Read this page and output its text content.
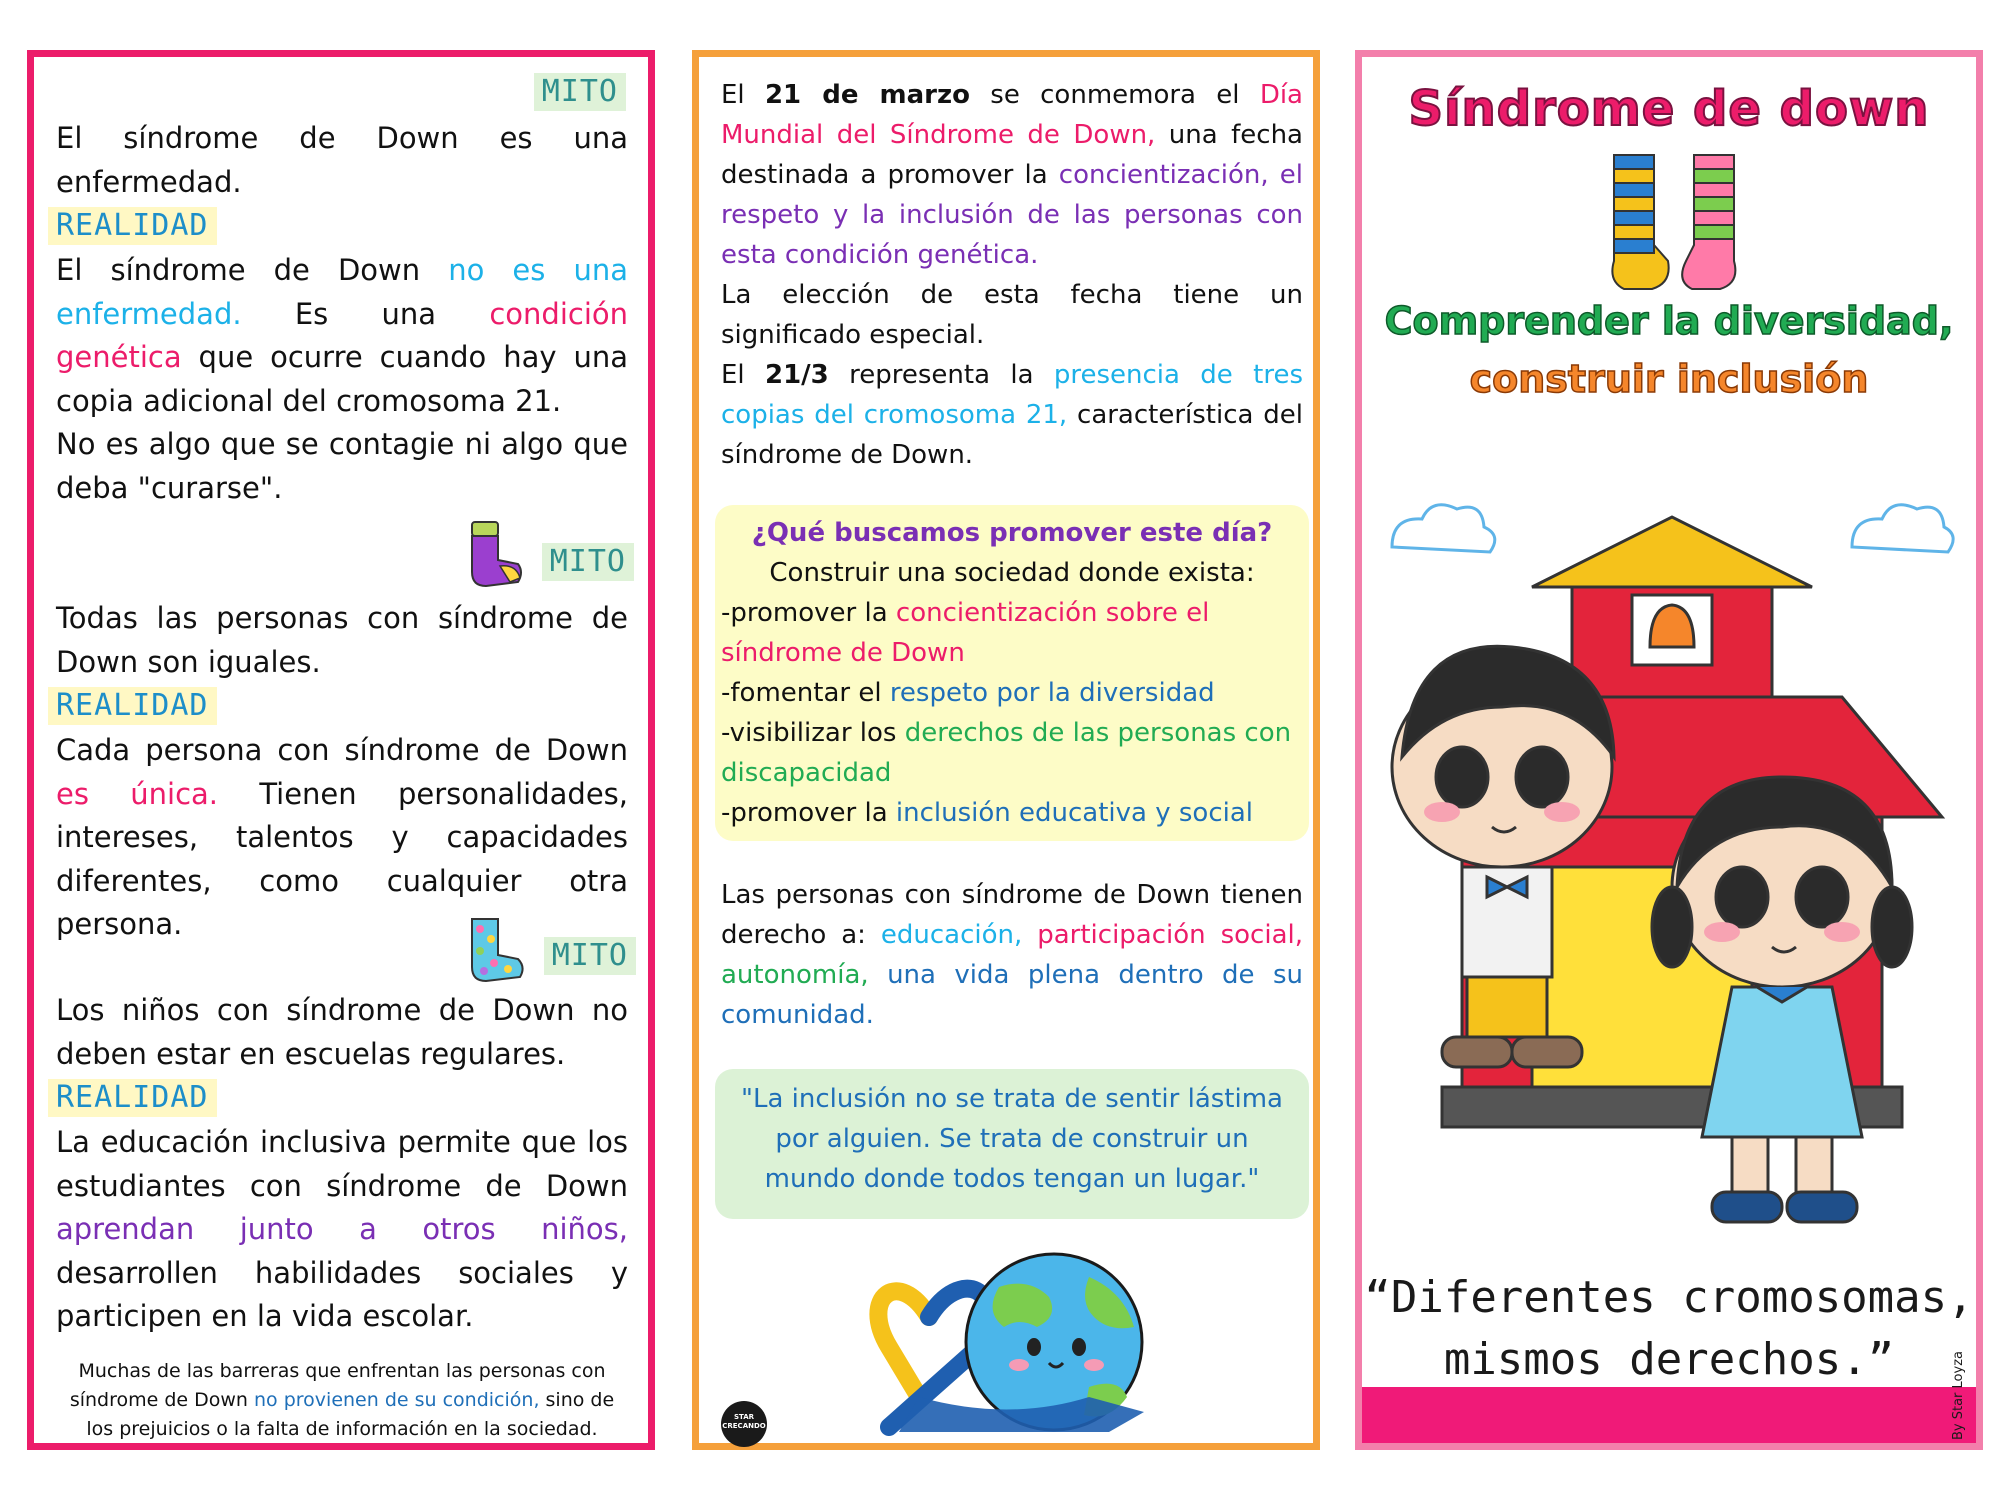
MITO

El síndrome de Down es una enfermedad.

REALIDAD

El síndrome de Down no es una enfermedad. Es una condición genética que ocurre cuando hay una copia adicional del cromosoma 21.

No es algo que se contagie ni algo que deba "curarse".

MITO

Todas las personas con síndrome de Down son iguales.

REALIDAD

Cada persona con síndrome de Down es única. Tienen personalidades, intereses, talentos y capacidades diferentes, como cualquier otra persona.

MITO

Los niños con síndrome de Down no deben estar en escuelas regulares.

REALIDAD

La educación inclusiva permite que los estudiantes con síndrome de Down aprendan junto a otros niños, desarrollen habilidades sociales y participen en la vida escolar.

Muchas de las barreras que enfrentan las personas con síndrome de Down no provienen de su condición, sino de los prejuicios o la falta de información en la sociedad.

El 21 de marzo se conmemora el Día Mundial del Síndrome de Down, una fecha destinada a promover la concientización, el respeto y la inclusión de las personas con esta condición genética.

La elección de esta fecha tiene un significado especial.

El 21/3 representa la presencia de tres copias del cromosoma 21, característica del síndrome de Down.

¿Qué buscamos promover este día?
Construir una sociedad donde exista:
-promover la concientización sobre el síndrome de Down
-fomentar el respeto por la diversidad
-visibilizar los derechos de las personas con discapacidad
-promover la inclusión educativa y social

Las personas con síndrome de Down tienen derecho a: educación, participación social, autonomía, una vida plena dentro de su comunidad.

"La inclusión no se trata de sentir lástima por alguien. Se trata de construir un mundo donde todos tengan un lugar."
STAR CRECANDO
Síndrome de down
Comprender la diversidad,
construir inclusión
“Diferentes cromosomas,
mismos derechos.”	By Star Loyza
